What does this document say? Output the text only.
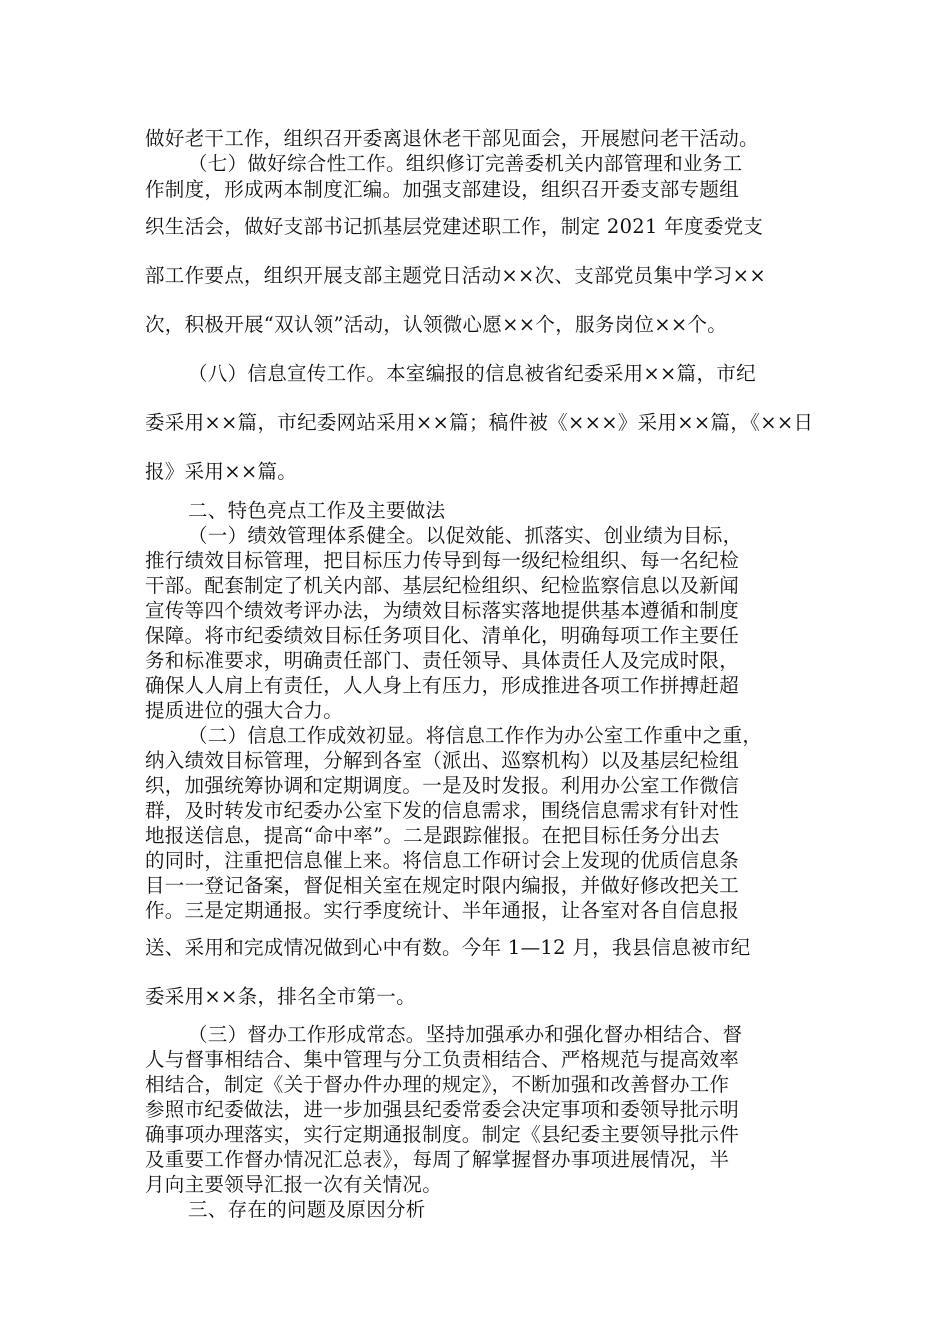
做好老干工作，组织召开委离退休老干部见面会，开展慰问老干活动。
（七）做好综合性工作。组织修订完善委机关内部管理和业务工
作制度，形成两本制度汇编。加强支部建设，组织召开委支部专题组
织生活会，做好支部书记抓基层党建述职工作，制定 2021 年度委党支
部工作要点，组织开展支部主题党日活动××次、支部党员集中学习××
次，积极开展“双认领”活动，认领微心愿××个，服务岗位××个。
（八）信息宣传工作。本室编报的信息被省纪委采用××篇，市纪
委采用××篇，市纪委网站采用××篇；稿件被《×××》采用××篇，《××日
报》采用××篇。
二、特色亮点工作及主要做法
（一）绩效管理体系健全。以促效能、抓落实、创业绩为目标，
推行绩效目标管理，把目标压力传导到每一级纪检组织、每一名纪检
干部。配套制定了机关内部、基层纪检组织、纪检监察信息以及新闻
宣传等四个绩效考评办法，为绩效目标落实落地提供基本遵循和制度
保障。将市纪委绩效目标任务项目化、清单化，明确每项工作主要任
务和标准要求，明确责任部门、责任领导、具体责任人及完成时限，
确保人人肩上有责任，人人身上有压力，形成推进各项工作拼搏赶超
提质进位的强大合力。
（二）信息工作成效初显。将信息工作作为办公室工作重中之重，
纳入绩效目标管理，分解到各室（派出、巡察机构）以及基层纪检组
织，加强统筹协调和定期调度。一是及时发报。利用办公室工作微信
群，及时转发市纪委办公室下发的信息需求，围绕信息需求有针对性
地报送信息，提高“命中率”。二是跟踪催报。在把目标任务分出去
的同时，注重把信息催上来。将信息工作研讨会上发现的优质信息条
目一一登记备案，督促相关室在规定时限内编报，并做好修改把关工
作。三是定期通报。实行季度统计、半年通报，让各室对各自信息报
送、采用和完成情况做到心中有数。今年 1—12 月，我县信息被市纪
委采用××条，排名全市第一。
（三）督办工作形成常态。坚持加强承办和强化督办相结合、督
人与督事相结合、集中管理与分工负责相结合、严格规范与提高效率
相结合，制定《关于督办件办理的规定》，不断加强和改善督办工作
参照市纪委做法，进一步加强县纪委常委会决定事项和委领导批示明
确事项办理落实，实行定期通报制度。制定《县纪委主要领导批示件
及重要工作督办情况汇总表》，每周了解掌握督办事项进展情况，半
月向主要领导汇报一次有关情况。
三、存在的问题及原因分析
